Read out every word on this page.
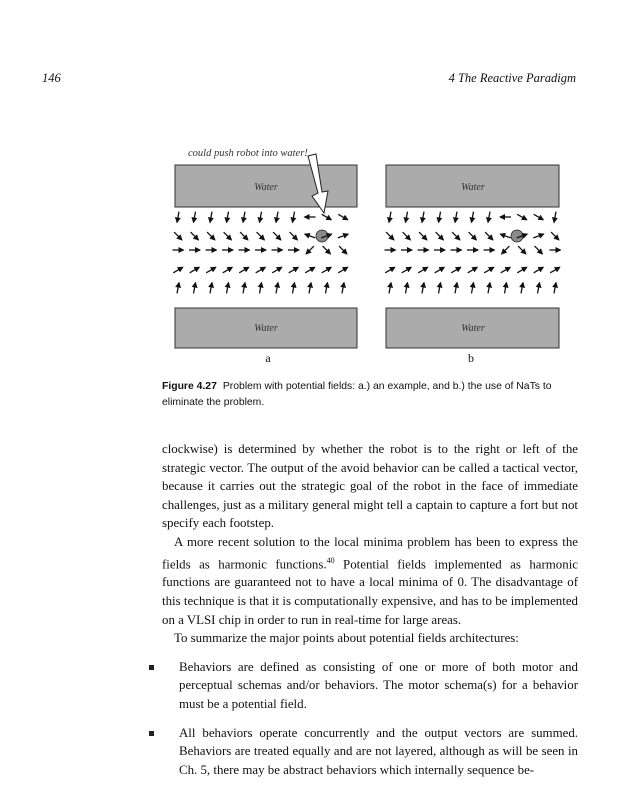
146	4 The Reactive Paradigm
could push robot into water!
Water
Water
Water
Water
a	b
Figure 4.27 Problem with potential fields: a.) an example, and b.) the use of NaTs to eliminate the problem.

clockwise) is determined by whether the robot is to the right or left of the strategic vector. The output of the avoid behavior can be called a tactical vector, because it carries out the strategic goal of the robot in the face of immediate challenges, just as a military general might tell a captain to capture a fort but not specify each footstep.

A more recent solution to the local minima problem has been to express the fields as harmonic functions.$^{40}$ Potential fields implemented as harmonic functions are guaranteed not to have a local minima of 0. The disadvantage of this technique is that it is computationally expensive, and has to be implemented on a VLSI chip in order to run in real-time for large areas.

To summarize the major points about potential fields architectures:

Behaviors are defined as consisting of one or more of both motor and perceptual schemas and/or behaviors. The motor schema(s) for a behavior must be a potential field.
All behaviors operate concurrently and the output vectors are summed. Behaviors are treated equally and are not layered, although as will be seen in Ch. 5, there may be abstract behaviors which internally sequence be-
